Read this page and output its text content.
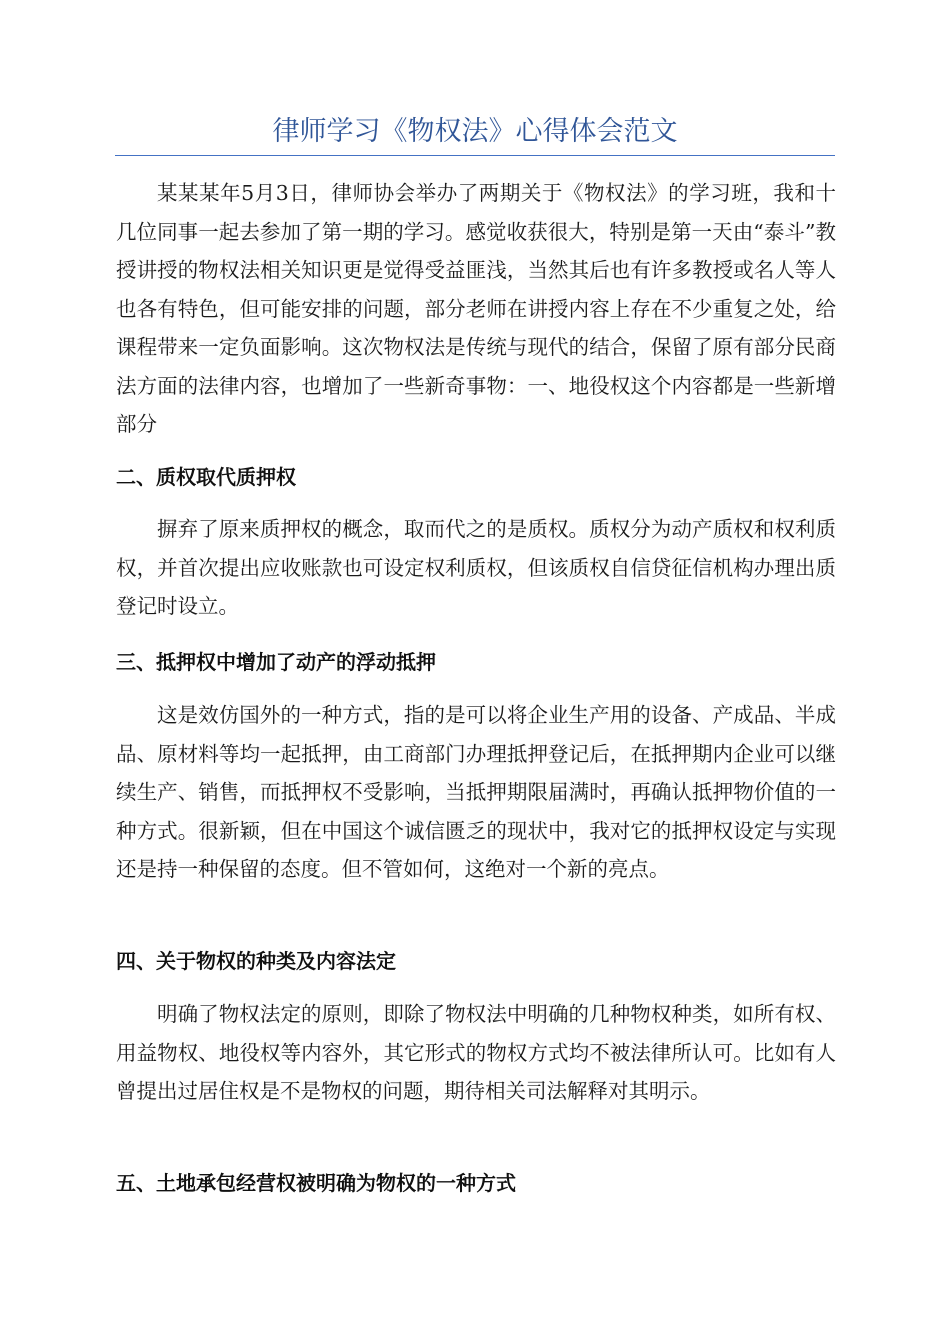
律师学习《物权法》心得体会范文

某某某年5月3日，律师协会举办了两期关于《物权法》的学习班，我和十几位同事一起去参加了第一期的学习。感觉收获很大，特别是第一天由“泰斗”教授讲授的物权法相关知识更是觉得受益匪浅，当然其后也有许多教授或名人等人也各有特色，但可能安排的问题，部分老师在讲授内容上存在不少重复之处，给课程带来一定负面影响。这次物权法是传统与现代的结合，保留了原有部分民商法方面的法律内容，也增加了一些新奇事物：一、地役权这个内容都是一些新增部分

二、质权取代质押权

摒弃了原来质押权的概念，取而代之的是质权。质权分为动产质权和权利质权，并首次提出应收账款也可设定权利质权，但该质权自信贷征信机构办理出质登记时设立。

三、抵押权中增加了动产的浮动抵押

这是效仿国外的一种方式，指的是可以将企业生产用的设备、产成品、半成品、原材料等均一起抵押，由工商部门办理抵押登记后，在抵押期内企业可以继续生产、销售，而抵押权不受影响，当抵押期限届满时，再确认抵押物价值的一种方式。很新颖，但在中国这个诚信匮乏的现状中，我对它的抵押权设定与实现还是持一种保留的态度。但不管如何，这绝对一个新的亮点。

四、关于物权的种类及内容法定

明确了物权法定的原则，即除了物权法中明确的几种物权种类，如所有权、用益物权、地役权等内容外，其它形式的物权方式均不被法律所认可。比如有人曾提出过居住权是不是物权的问题，期待相关司法解释对其明示。

五、土地承包经营权被明确为物权的一种方式
